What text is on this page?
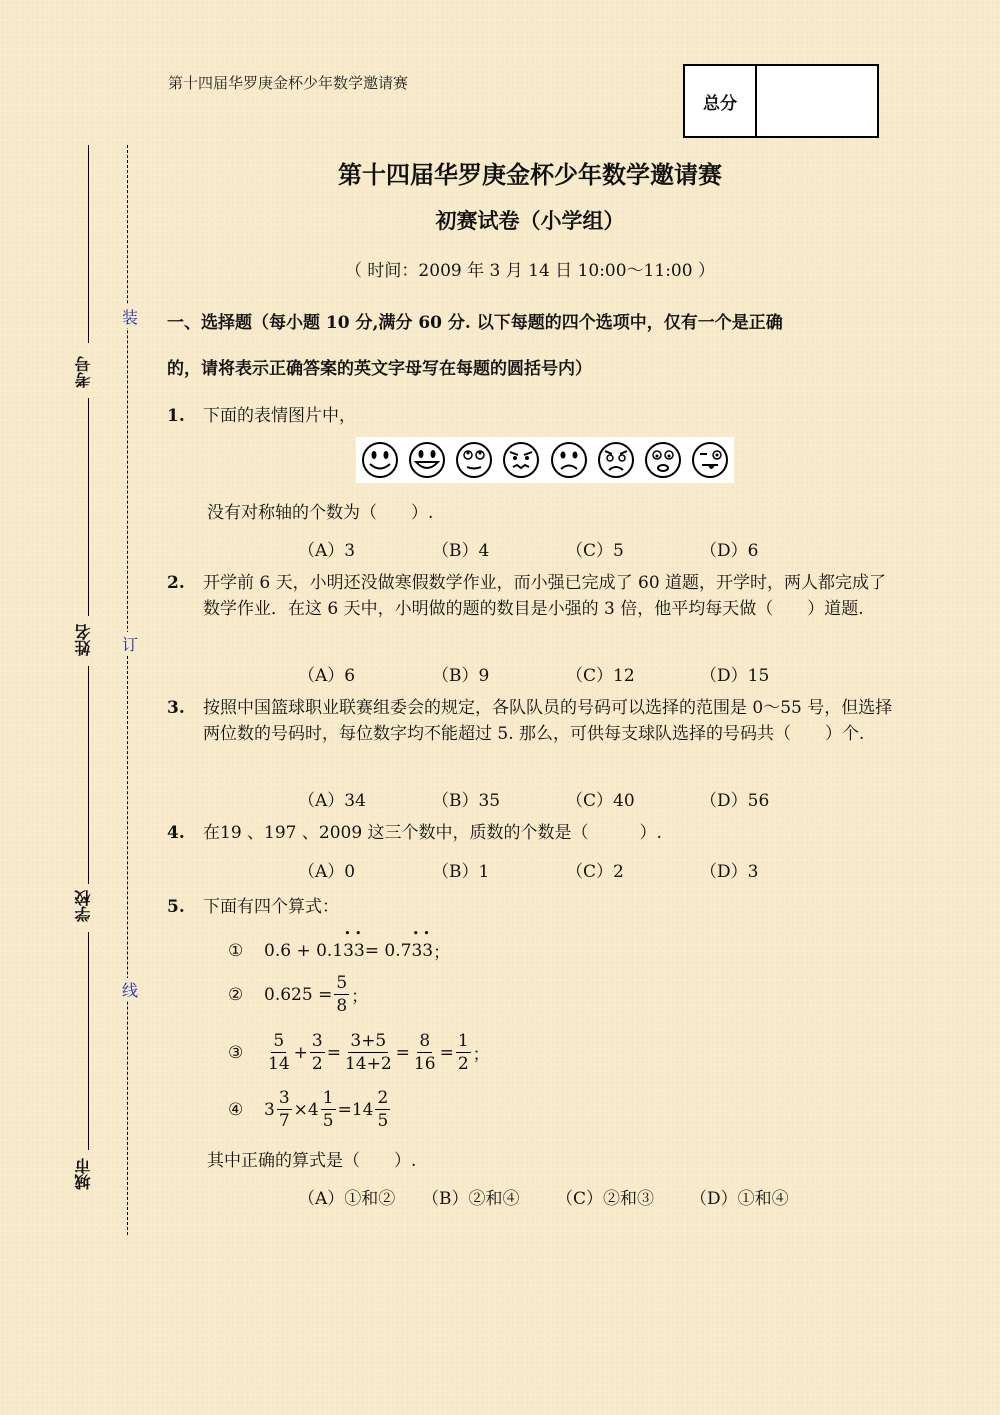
第十四届华罗庚金杯少年数学邀请赛
总分
考号
姓名
学校
城市
装
订
线
第十四届华罗庚金杯少年数学邀请赛
初赛试卷（小学组）
（ 时间：2009 年 3 月 14 日 10:00～11:00 ）
一、选择题（每小题 10 分,满分 60 分. 以下每题的四个选项中，仅有一个是正确
的，请将表示正确答案的英文字母写在每题的圆括号内）
1. 下面的表情图片中，
没有对称轴的个数为（　　）.
（A）3	（B）4	（C）5	（D）6
2. 开学前 6 天，小明还没做寒假数学作业，而小强已完成了 60 道题，开学时，两人都完成了数学作业．在这 6 天中，小明做的题的数目是小强的 3 倍，他平均每天做（　　）道题.
（A）6	（B）9	（C）12	（D）15
3. 按照中国篮球职业联赛组委会的规定，各队队员的号码可以选择的范围是 0～55 号，但选择两位数的号码时，每位数字均不能超过 5. 那么，可供每支球队选择的号码共（　　）个.
（A）34	（B）35	（C）40	（D）56
4. 在19 、197 、2009 这三个数中，质数的个数是（　　　）.
（A）0	（B）1	（C）2	（D）3
5. 下面有四个算式：
①	0.6 + 0.1 • 3 • 3 = 0.7 • 3 • 3 ；
②	$0.625 = \frac{5}{8}$ ；
③	$\frac{5}{14} + \frac{3}{2} = \frac{3+5}{14+2} = \frac{8}{16} = \frac{1}{2}$ ；
④	$3 \frac{3}{7} \times 4 \frac{1}{5} = 14 \frac{2}{5}$
其中正确的算式是（　　）.
（A）①和②	（B）②和④	（C）②和③	（D）①和④
